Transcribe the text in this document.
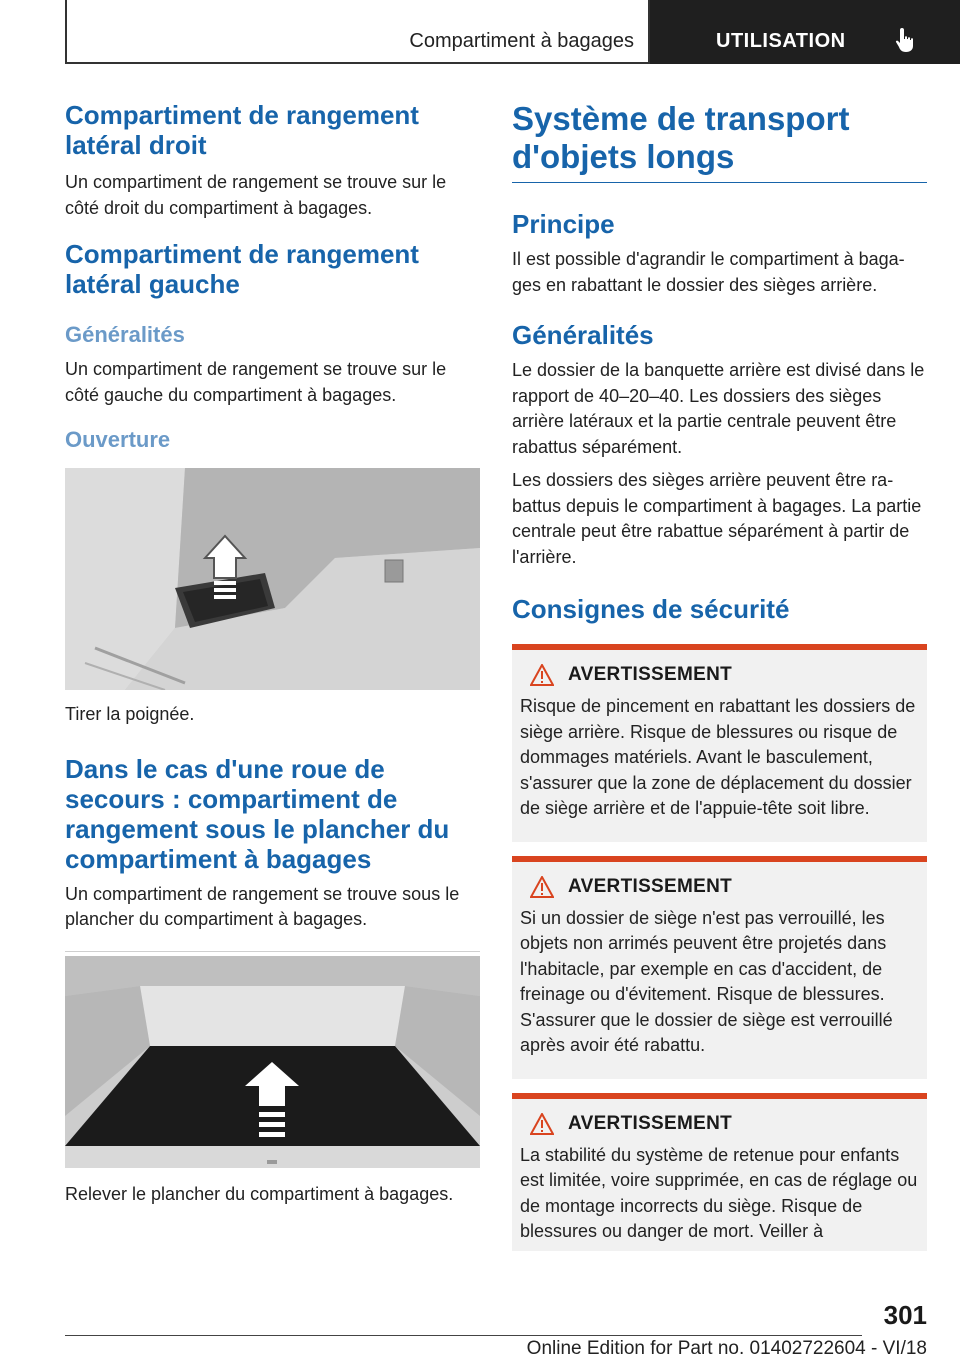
Compartiment à bagages	UTILISATION
Compartiment de rangement latéral droit

Un compartiment de rangement se trouve sur le côté droit du compartiment à bagages.

Compartiment de rangement latéral gauche
Généralités

Un compartiment de rangement se trouve sur le côté gauche du compartiment à bagages.

Ouverture

Tirer la poignée.

Dans le cas d'une roue de secours : compartiment de rangement sous le plancher du compartiment à bagages

Un compartiment de rangement se trouve sous le plancher du compartiment à bagages.

Relever le plancher du compartiment à bagages.

Système de transport d'objets longs
Principe

Il est possible d'agrandir le compartiment à bagages en rabattant le dossier des sièges arrière.

Généralités

Le dossier de la banquette arrière est divisé dans le rapport de 40–20–40. Les dossiers des sièges arrière latéraux et la partie centrale peuvent être rabattus séparément.

Les dossiers des sièges arrière peuvent être rabattus depuis le compartiment à bagages. La partie centrale peut être rabattue séparément à partir de l'arrière.

Consignes de sécurité
AVERTISSEMENT

Risque de pincement en rabattant les dossiers de siège arrière. Risque de blessures ou risque de dommages matériels. Avant le basculement, s'assurer que la zone de déplacement du dossier de siège arrière et de l'appuie-tête soit libre.

AVERTISSEMENT

Si un dossier de siège n'est pas verrouillé, les objets non arrimés peuvent être projetés dans l'habitacle, par exemple en cas d'accident, de freinage ou d'évitement. Risque de blessures. S'assurer que le dossier de siège est verrouillé après avoir été rabattu.

AVERTISSEMENT

La stabilité du système de retenue pour enfants est limitée, voire supprimée, en cas de réglage ou de montage incorrects du siège. Risque de blessures ou danger de mort. Veiller à

301
Online Edition for Part no. 01402722604 - VI/18
